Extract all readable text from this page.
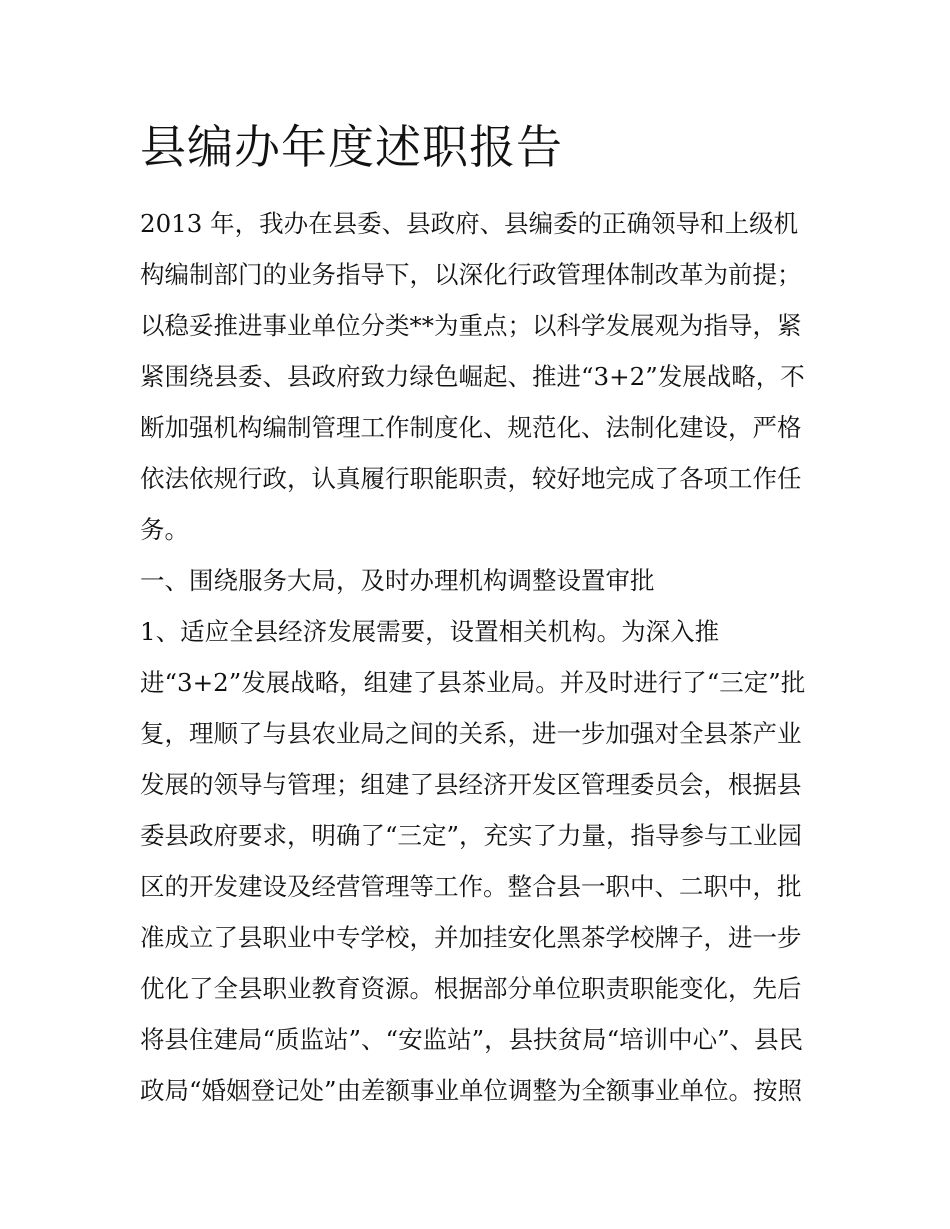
县编办年度述职报告
2013 年，我办在县委、县政府、县编委的正确领导和上级机
构编制部门的业务指导下，以深化行政管理体制改革为前提；
以稳妥推进事业单位分类**为重点；以科学发展观为指导，紧
紧围绕县委、县政府致力绿色崛起、推进“3+2”发展战略，不
断加强机构编制管理工作制度化、规范化、法制化建设，严格
依法依规行政，认真履行职能职责，较好地完成了各项工作任
务。
一、围绕服务大局，及时办理机构调整设置审批
1、适应全县经济发展需要，设置相关机构。为深入推
进“3+2”发展战略，组建了县茶业局。并及时进行了“三定”批
复，理顺了与县农业局之间的关系，进一步加强对全县茶产业
发展的领导与管理；组建了县经济开发区管理委员会，根据县
委县政府要求，明确了“三定”，充实了力量，指导参与工业园
区的开发建设及经营管理等工作。整合县一职中、二职中，批
准成立了县职业中专学校，并加挂安化黑茶学校牌子，进一步
优化了全县职业教育资源。根据部分单位职责职能变化，先后
将县住建局“质监站”、“安监站”，县扶贫局“培训中心”、县民
政局“婚姻登记处”由差额事业单位调整为全额事业单位。按照
